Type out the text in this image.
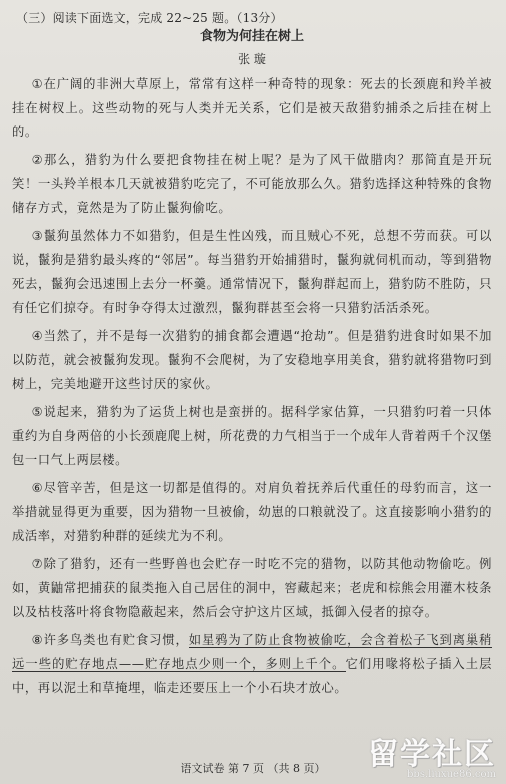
（三）阅读下面选文，完成 22~25 题。（13分）
食物为何挂在树上
张 璇

①在广阔的非洲大草原上，常常有这样一种奇特的现象：死去的长颈鹿和羚羊被挂在树杈上。这些动物的死与人类并无关系，它们是被天敌猎豹捕杀之后挂在树上的。

②那么，猎豹为什么要把食物挂在树上呢？是为了风干做腊肉？那简直是开玩笑！一头羚羊根本几天就被猎豹吃完了，不可能放那么久。猎豹选择这种特殊的食物储存方式，竟然是为了防止鬣狗偷吃。

③鬣狗虽然体力不如猎豹，但是生性凶残，而且贼心不死，总想不劳而获。可以说，鬣狗是猎豹最头疼的“邻居”。每当猎豹开始捕猎时，鬣狗就伺机而动，等到猎物死去，鬣狗会迅速围上去分一杯羹。通常情况下，鬣狗群起而上，猎豹防不胜防，只有任它们掠夺。有时争夺得太过激烈，鬣狗群甚至会将一只猎豹活活杀死。

④当然了，并不是每一次猎豹的捕食都会遭遇“抢劫”。但是猎豹进食时如果不加以防范，就会被鬣狗发现。鬣狗不会爬树，为了安稳地享用美食，猎豹就将猎物叼到树上，完美地避开这些讨厌的家伙。

⑤说起来，猎豹为了运货上树也是蛮拼的。据科学家估算，一只猎豹叼着一只体重约为自身两倍的小长颈鹿爬上树，所花费的力气相当于一个成年人背着两千个汉堡包一口气上两层楼。

⑥尽管辛苦，但是这一切都是值得的。对肩负着抚养后代重任的母豹而言，这一举措就显得更为重要，因为猎物一旦被偷，幼崽的口粮就没了。这直接影响小猎豹的成活率，对猎豹种群的延续尤为不利。

⑦除了猎豹，还有一些野兽也会贮存一时吃不完的猎物，以防其他动物偷吃。例如，黄鼬常把捕获的鼠类拖入自己居住的洞中，窖藏起来；老虎和棕熊会用灌木枝条以及枯枝落叶将食物隐蔽起来，然后会守护这片区域，抵御入侵者的掠夺。

⑧许多鸟类也有贮食习惯，如星鸦为了防止食物被偷吃，会含着松子飞到离巢稍远一些的贮存地点——贮存地点少则一个，多则上千个。它们用喙将松子插入土层中，再以泥土和草掩埋，临走还要压上一个小石块才放心。

语文试卷 第 7 页 （共 8 页）	留学社区
bbs.liuxue86.com
